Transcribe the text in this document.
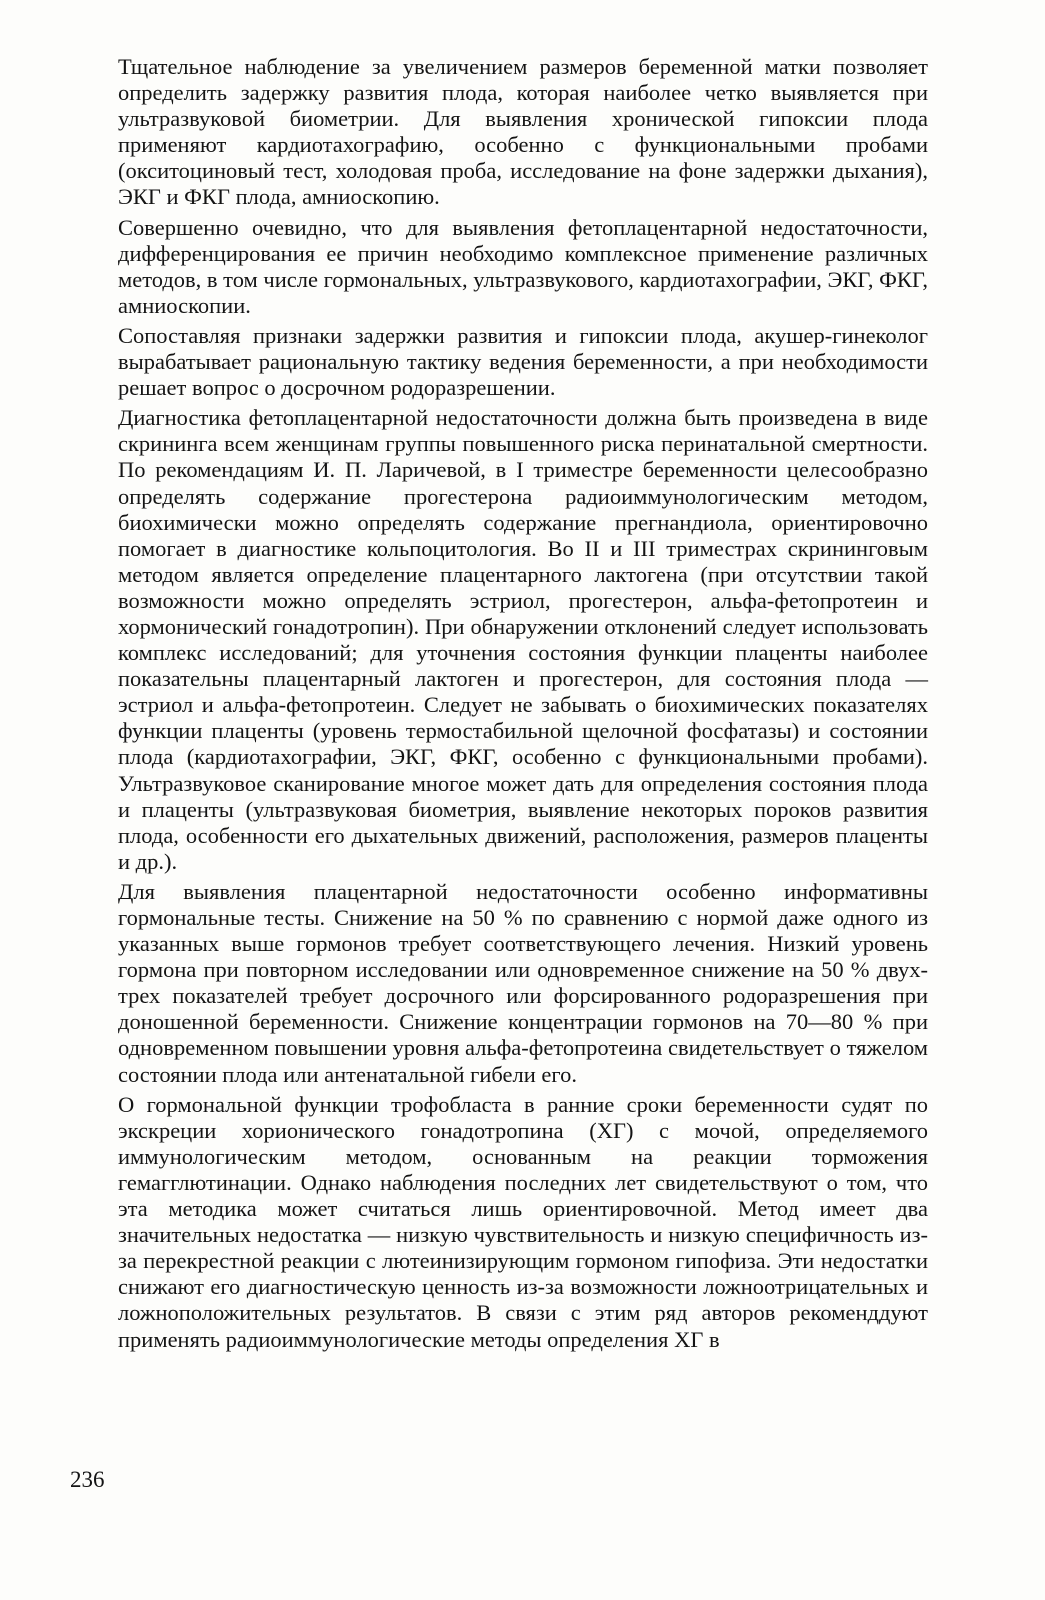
Тщательное наблюдение за увеличением размеров беременной матки позволяет определить задержку развития плода, которая наиболее четко выявляется при ультразвуковой биометрии. Для выявления хронической гипоксии плода применяют кардиотахографию, особенно с функциональными пробами (окситоциновый тест, холодовая проба, исследование на фоне задержки дыхания), ЭКГ и ФКГ плода, амниоскопию.

Совершенно очевидно, что для выявления фетоплацентарной недостаточности, дифференцирования ее причин необходимо комплексное применение различных методов, в том числе гормональных, ультразвукового, кардиотахографии, ЭКГ, ФКГ, амниоскопии.

Сопоставляя признаки задержки развития и гипоксии плода, акушер-гинеколог вырабатывает рациональную тактику ведения беременности, а при необходимости решает вопрос о досрочном родоразрешении.

Диагностика фетоплацентарной недостаточности должна быть произведена в виде скрининга всем женщинам группы повышенного риска перинатальной смертности. По рекомендациям И. П. Ларичевой, в I триместре беременности целесообразно определять содержание прогестерона радиоиммунологическим методом, биохимически можно определять содержание прегнандиола, ориентировочно помогает в диагностике кольпоцитология. Во II и III триместрах скрининговым методом является определение плацентарного лактогена (при отсутствии такой возможности можно определять эстриол, прогестерон, альфа-фетопротеин и хормонический гонадотропин). При обнаружении отклонений следует использовать комплекс исследований; для уточнения состояния функции плаценты наиболее показательны плацентарный лактоген и прогестерон, для состояния плода — эстриол и альфа-фетопротеин. Следует не забывать о биохимических показателях функции плаценты (уровень термостабильной щелочной фосфатазы) и состоянии плода (кардиотахографии, ЭКГ, ФКГ, особенно с функциональными пробами). Ультразвуковое сканирование многое может дать для определения состояния плода и плаценты (ультразвуковая биометрия, выявление некоторых пороков развития плода, особенности его дыхательных движений, расположения, размеров плаценты и др.).

Для выявления плацентарной недостаточности особенно информативны гормональные тесты. Снижение на 50 % по сравнению с нормой даже одного из указанных выше гормонов требует соответствующего лечения. Низкий уровень гормона при повторном исследовании или одновременное снижение на 50 % двух-трех показателей требует досрочного или форсированного родоразрешения при доношенной беременности. Снижение концентрации гормонов на 70—80 % при одновременном повышении уровня альфа-фетопротеина свидетельствует о тяжелом состоянии плода или антенатальной гибели его.

О гормональной функции трофобласта в ранние сроки беременности судят по экскреции хорионического гонадотропина (ХГ) с мочой, определяемого иммунологическим методом, основанным на реакции торможения гемагглютинации. Однако наблюдения последних лет свидетельствуют о том, что эта методика может считаться лишь ориентировочной. Метод имеет два значительных недостатка — низкую чувствительность и низкую специфичность из-за перекрестной реакции с лютеинизирующим гормоном гипофиза. Эти недостатки снижают его диагностическую ценность из-за возможности ложноотрицательных и ложноположительных результатов. В связи с этим ряд авторов рекоменддуют применять радиоиммунологические методы определения ХГ в

236
